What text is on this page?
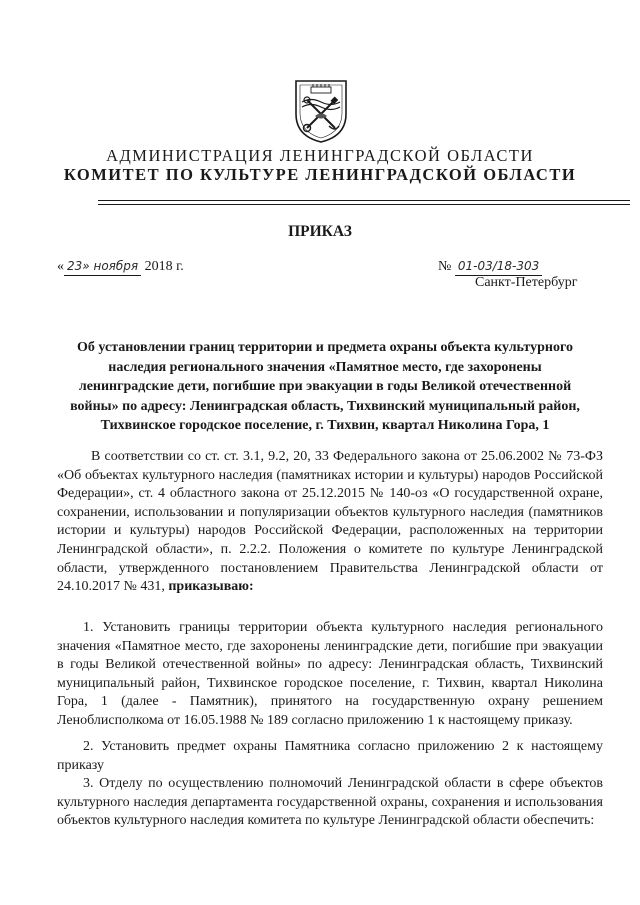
АДМИНИСТРАЦИЯ ЛЕНИНГРАДСКОЙ ОБЛАСТИ
КОМИТЕТ ПО КУЛЬТУРЕ ЛЕНИНГРАДСКОЙ ОБЛАСТИ
ПРИКАЗ
« 23» ноября 2018 г.	№ 01-03/18-303
Санкт-Петербург
Об установлении границ территории и предмета охраны объекта культурного наследия регионального значения «Памятное место, где захоронены ленинградские дети, погибшие при эвакуации в годы Великой отечественной войны» по адресу: Ленинградская область, Тихвинский муниципальный район, Тихвинское городское поселение, г. Тихвин, квартал Николина Гора, 1
В соответствии со ст. ст. 3.1, 9.2, 20, 33 Федерального закона от 25.06.2002 № 73-ФЗ «Об объектах культурного наследия (памятниках истории и культуры) народов Российской Федерации», ст. 4 областного закона от 25.12.2015 № 140-оз «О государственной охране, сохранении, использовании и популяризации объектов культурного наследия (памятников истории и культуры) народов Российской Федерации, расположенных на территории Ленинградской области», п. 2.2.2. Положения о комитете по культуре Ленинградской области, утвержденного постановлением Правительства Ленинградской области от 24.10.2017 № 431, приказываю:
1. Установить границы территории объекта культурного наследия регионального значения «Памятное место, где захоронены ленинградские дети, погибшие при эвакуации в годы Великой отечественной войны» по адресу: Ленинградская область, Тихвинский муниципальный район, Тихвинское городское поселение, г. Тихвин, квартал Николина Гора, 1 (далее - Памятник), принятого на государственную охрану решением Леноблисполкома от 16.05.1988 № 189 согласно приложению 1 к настоящему приказу.
2. Установить предмет охраны Памятника согласно приложению 2 к настоящему приказу
3. Отделу по осуществлению полномочий Ленинградской области в сфере объектов культурного наследия департамента государственной охраны, сохранения и использования объектов культурного наследия комитета по культуре Ленинградской области обеспечить:
